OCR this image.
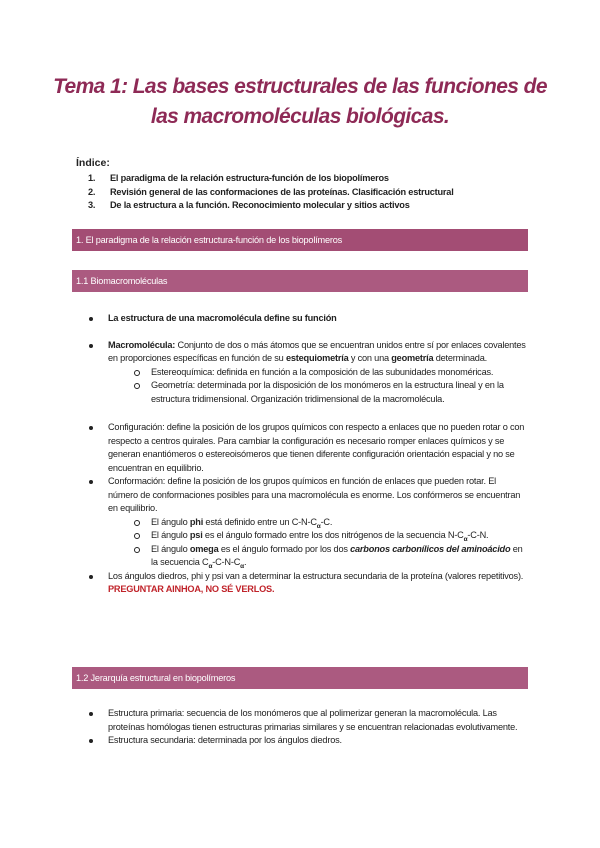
Tema 1: Las bases estructurales de las funciones de las macromoléculas biológicas.
Índice:
1.	El paradigma de la relación estructura-función de los biopolímeros
2.	Revisión general de las conformaciones de las proteínas. Clasificación estructural
3.	De la estructura a la función. Reconocimiento molecular y sitios activos
1. El paradigma de la relación estructura-función de los biopolímeros
1.1 Biomacromoléculas
La estructura de una macromolécula define su función
Macromolécula: Conjunto de dos o más átomos que se encuentran unidos entre sí por enlaces covalentes en proporciones específicas en función de su estequiometría y con una geometría determinada.
Estereoquímica: definida en función a la composición de las subunidades monoméricas.
Geometría: determinada por la disposición de los monómeros en la estructura lineal y en la estructura tridimensional. Organización tridimensional de la macromolécula.
Configuración: define la posición de los grupos químicos con respecto a enlaces que no pueden rotar o con respecto a centros quirales. Para cambiar la configuración es necesario romper enlaces químicos y se generan enantiómeros o estereoisómeros que tienen diferente configuración orientación espacial y no se encuentran en equilibrio.
Conformación: define la posición de los grupos químicos en función de enlaces que pueden rotar. El número de conformaciones posibles para una macromolécula es enorme. Los confórmeros se encuentran en equilibrio.
El ángulo phi está definido entre un $C-N-C_\alpha-C$.
El ángulo psi es el ángulo formado entre los dos nitrógenos de la secuencia $N-C_\alpha-C-N$.
El ángulo omega es el ángulo formado por los dos carbonos carbonílicos del aminoácido en la secuencia $C_\alpha-C-N-C_\alpha$.
Los ángulos diedros, phi y psi van a determinar la estructura secundaria de la proteína (valores repetitivos). PREGUNTAR AINHOA, NO SÉ VERLOS.
1.2 Jerarquía estructural en biopolímeros
Estructura primaria: secuencia de los monómeros que al polimerizar generan la macromolécula. Las proteínas homólogas tienen estructuras primarias similares y se encuentran relacionadas evolutivamente.
Estructura secundaria: determinada por los ángulos diedros.
